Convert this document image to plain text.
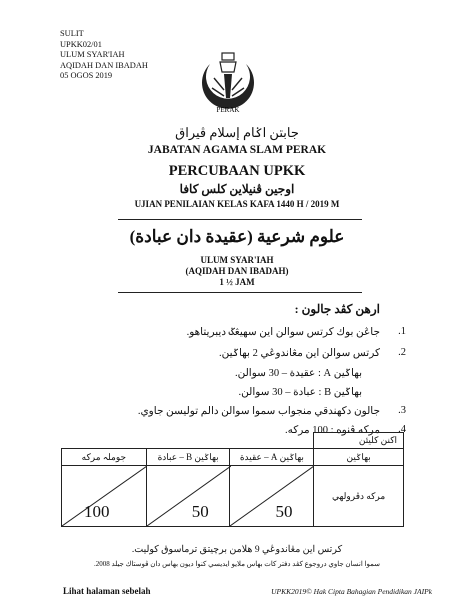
SULIT
UPKK02/01
ULUM SYAR'IAH
AQIDAH DAN IBADAH
05 OGOS 2019
PERAK
جابتن اݢام إسلام ڤيراق
JABATAN AGAMA SLAM PERAK
PERCUBAAN UPKK
اوجين ڤنيلاين كلس كافا
UJIAN PENILAIAN KELAS KAFA 1440 H / 2019 M
علوم شرعية (عقيدة دان عبادة)
ULUM SYAR'IAH
(AQIDAH DAN IBADAH)
1 ½ JAM
ارهن كڤد جالون :
1.
جاڠن بوك كرتس سوالن اين سهيڠݢ ديبريتاهو.
2.
كرتس سوالن اين مڠاندوڠي 2 بهاݢين.
بهاݢين A : عقيدة – 30 سوالن.
بهاݢين B : عبادة – 30 سوالن.
3.
جالون دكهندقي منجواب سموا سوالن دالم توليسن جاوي.
4.
مركه ڤنوه : 100 مركه.
			اكنن كليئن
جوملہ مركه	بهاݢين B – عبادة	بهاݢين A – عقيدة	بهاݢين

100	50	50	مركه دڤرولهي
كرتس اين مڠاندوڠي 9 هلامن برچيتق ترماسوق كولیت.
سموا انسان جاوي دروجوع كڤد دفتر كات بهاس ملايو ايديسي كنوا ديون بهاس دان ڤوستاك جيلد 2008.
Lihat halaman sebelah	UPKK2019© Hak Cipta Bahagian Pendidikan JAIPk
